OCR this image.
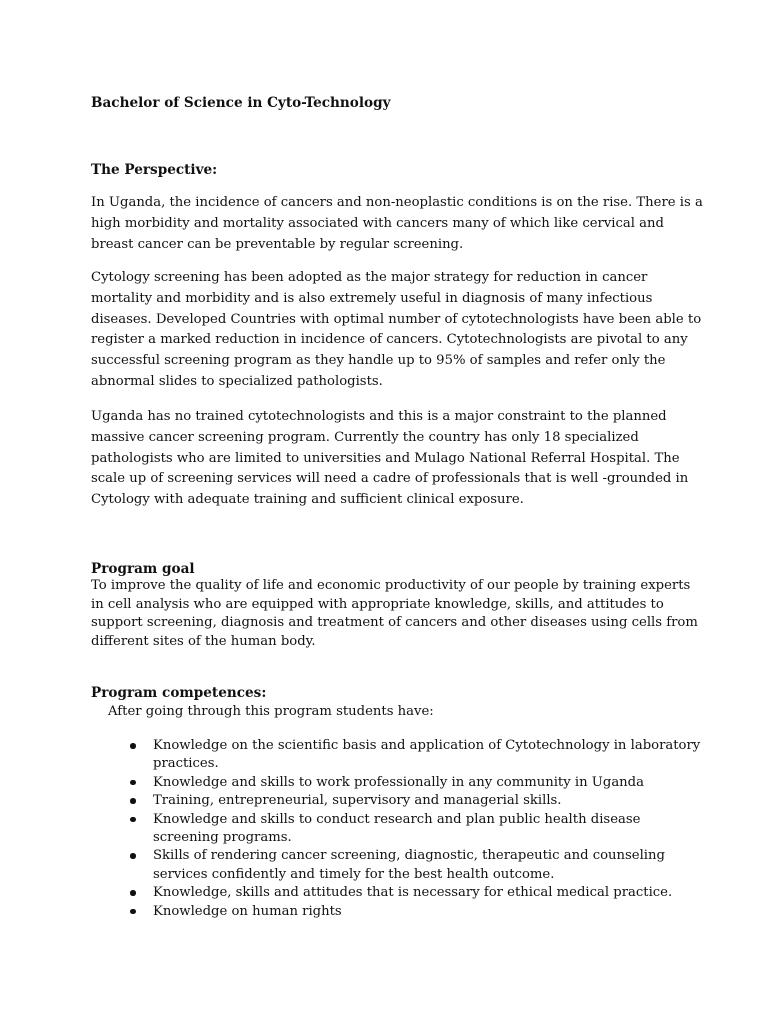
Bachelor of Science in Cyto-Technology
The Perspective:

In Uganda, the incidence of cancers and non-neoplastic conditions is on the rise. There is a
high morbidity and mortality associated with cancers many of which like cervical and
breast cancer can be preventable by regular screening.

Cytology screening has been adopted as the major strategy for reduction in cancer
mortality and morbidity and is also extremely useful in diagnosis of many infectious
diseases. Developed Countries with optimal number of cytotechnologists have been able to
register a marked reduction in incidence of cancers. Cytotechnologists are pivotal to any
successful screening program as they handle up to 95% of samples and refer only the
abnormal slides to specialized pathologists.

Uganda has no trained cytotechnologists and this is a major constraint to the planned
massive cancer screening program. Currently the country has only 18 specialized
pathologists who are limited to universities and Mulago National Referral Hospital. The
scale up of screening services will need a cadre of professionals that is well -grounded in
Cytology with adequate training and sufficient clinical exposure.

Program goal

To improve the quality of life and economic productivity of our people by training experts
in cell analysis who are equipped with appropriate knowledge, skills, and attitudes to
support screening, diagnosis and treatment of cancers and other diseases using cells from
different sites of the human body.

Program competences:
After going through this program students have:
Knowledge on the scientific basis and application of Cytotechnology in laboratory
practices.
Knowledge and skills to work professionally in any community in Uganda
Training, entrepreneurial, supervisory and managerial skills.
Knowledge and skills to conduct research and plan public health disease
screening programs.
Skills of rendering cancer screening, diagnostic, therapeutic and counseling
services confidently and timely for the best health outcome.
Knowledge, skills and attitudes that is necessary for ethical medical practice.
Knowledge on human rights
